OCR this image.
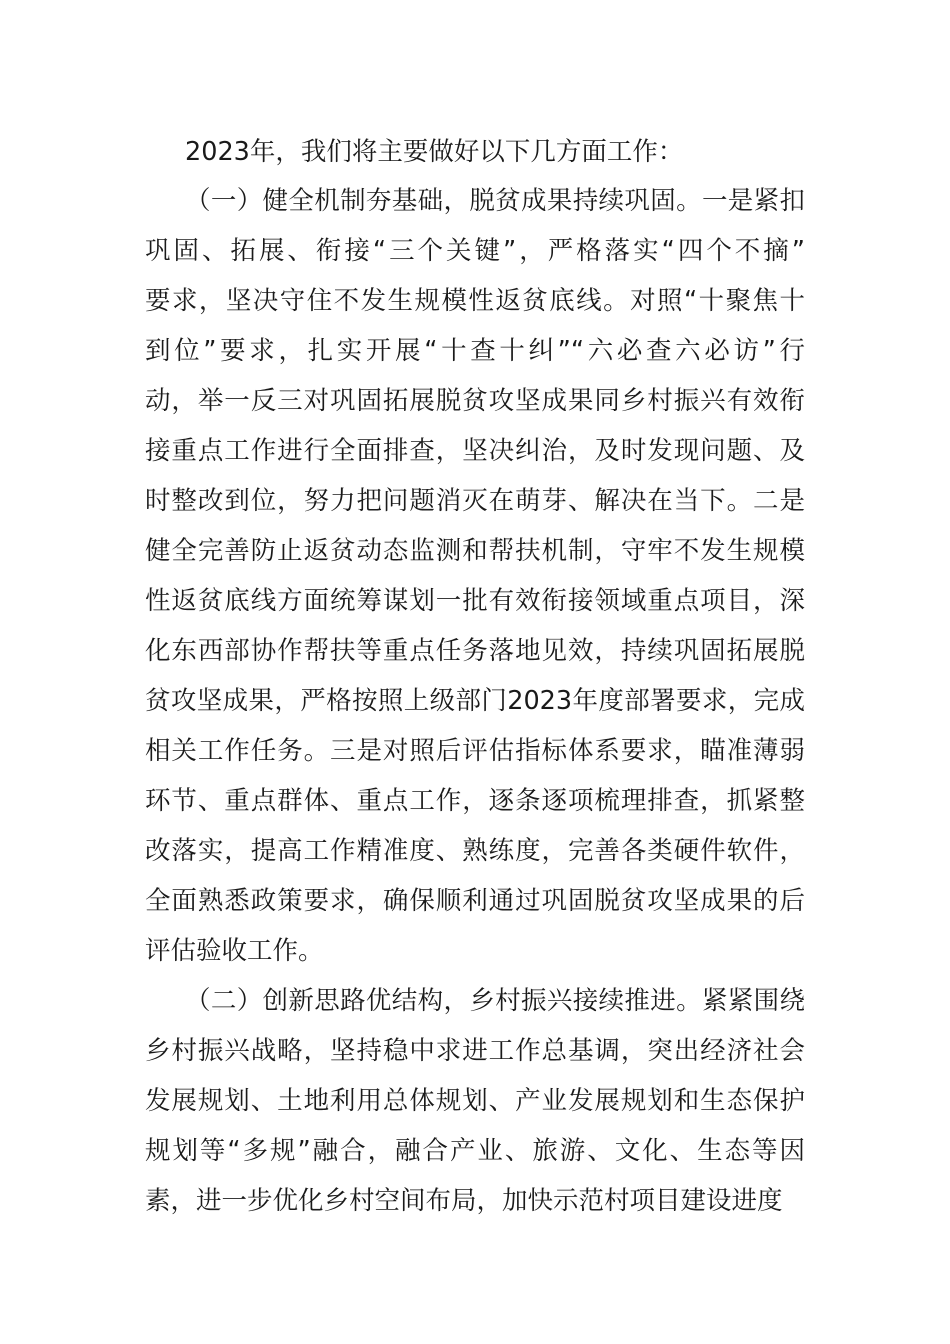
2023年，我们将主要做好以下几方面工作：
（一）健全机制夯基础，脱贫成果持续巩固。一是紧扣
巩固、拓展、衔接“三个关键”，严格落实“四个不摘”
要求，坚决守住不发生规模性返贫底线。对照“十聚焦十
到位”要求，扎实开展“十查十纠”“六必查六必访”行
动，举一反三对巩固拓展脱贫攻坚成果同乡村振兴有效衔
接重点工作进行全面排查，坚决纠治，及时发现问题、及
时整改到位，努力把问题消灭在萌芽、解决在当下。二是
健全完善防止返贫动态监测和帮扶机制，守牢不发生规模
性返贫底线方面统筹谋划一批有效衔接领域重点项目，深
化东西部协作帮扶等重点任务落地见效，持续巩固拓展脱
贫攻坚成果，严格按照上级部门2023年度部署要求，完成
相关工作任务。三是对照后评估指标体系要求，瞄准薄弱
环节、重点群体、重点工作，逐条逐项梳理排查，抓紧整
改落实，提高工作精准度、熟练度，完善各类硬件软件，
全面熟悉政策要求，确保顺利通过巩固脱贫攻坚成果的后
评估验收工作。
（二）创新思路优结构，乡村振兴接续推进。紧紧围绕
乡村振兴战略，坚持稳中求进工作总基调，突出经济社会
发展规划、土地利用总体规划、产业发展规划和生态保护
规划等“多规”融合，融合产业、旅游、文化、生态等因
素，进一步优化乡村空间布局，加快示范村项目建设进度
